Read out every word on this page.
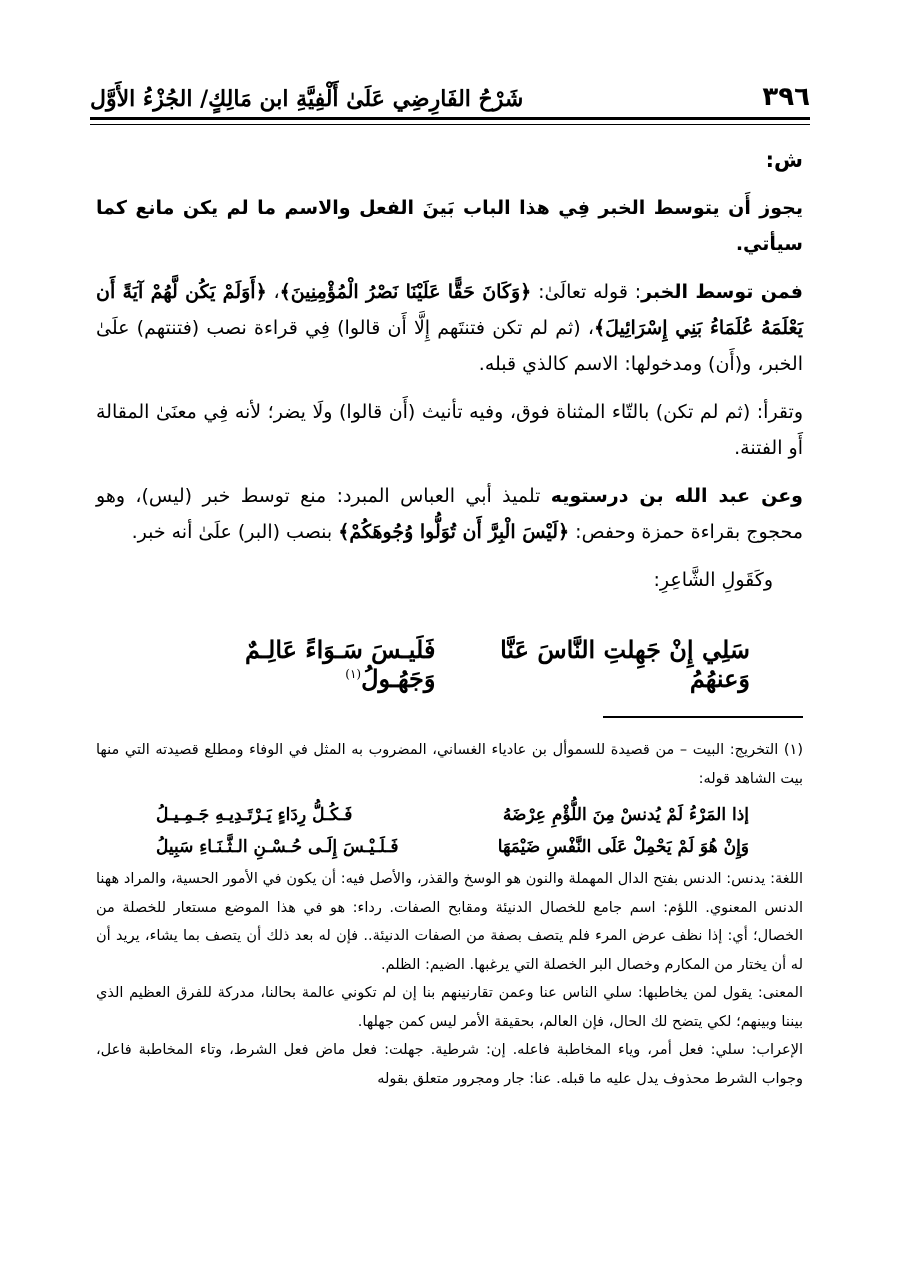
٣٩٦
شَرْحُ الفَارِضِي عَلَىٰ أَلْفِيَّةِ ابن مَالِكٍ/ الجُزْءُ الأَوَّل

ش:

يجوز أَن يتوسط الخبر فِي هذا الباب بَينَ الفعل والاسم ما لم يكن مانع كما سيأتي.

فمن توسط الخبر: قوله تعالَىٰ: ﴿وَكَانَ حَقًّا عَلَيْنَا نَصْرُ الْمُؤْمِنِينَ﴾، ﴿أَوَلَمْ يَكُن لَّهُمْ آيَةً أَن يَعْلَمَهُ عُلَمَاءُ بَنِي إِسْرَائِيلَ﴾، (ثم لم تكن فتنتَهم إِلَّا أَن قالوا) فِي قراءة نصب (فتنتهم) علَىٰ الخبر، و(أَن) ومدخولها: الاسم كالذي قبله.

وتقرأ: (ثم لم تكن) بالتّاء المثناة فوق، وفيه تأنيث (أَن قالوا) ولَا يضر؛ لأنه فِي معنَىٰ المقالة أَو الفتنة.

وعن عبد الله بن درستويه تلميذ أبي العباس المبرد: منع توسط خبر (ليس)، وهو محجوج بقراءة حمزة وحفص: ﴿لَيْسَ الْبِرَّ أَن تُوَلُّوا وُجُوهَكُمْ﴾ بنصب (البر) علَىٰ أنه خبر.

وكَقَولِ الشَّاعِرِ:

سَلِي إِنْ جَهِلتِ النَّاسَ عَنَّا وَعنهُمُ
فَلَيـسَ سَـوَاءً عَالِـمٌ وَجَهُـولُ$^{(١)}$

(١) التخريج: البيت – من قصيدة للسموأل بن عادياء الغساني، المضروب به المثل في الوفاء ومطلع قصيدته التي منها بيت الشاهد قوله:

إذا المَرْءُ لَمْ يُدنسْ مِنَ اللُّؤْمِ عِرْضَهُ
فَـكُـلُّ رِدَاءٍ يَـرْتَـدِيـهِ جَـمِـيـلُ
وَإِنْ هُوَ لَمْ يَحْمِلْ عَلَى النَّفْسِ ضَيْمَهَا
فَـلَـيْـسَ إِلَـى حُـسْـنِ الـثَّـنَـاءِ سَبِيلُ

اللغة: يدنس: الدنس بفتح الدال المهملة والنون هو الوسخ والقذر، والأصل فيه: أن يكون في الأمور الحسية، والمراد ههنا الدنس المعنوي. اللؤم: اسم جامع للخصال الدنيئة ومقابح الصفات. رداء: هو في هذا الموضع مستعار للخصلة من الخصال؛ أي: إذا نظف عرض المرء فلم يتصف بصفة من الصفات الدنيئة.. فإن له بعد ذلك أن يتصف بما يشاء، يريد أن له أن يختار من المكارم وخصال البر الخصلة التي يرغبها. الضيم: الظلم.

المعنى: يقول لمن يخاطبها: سلي الناس عنا وعمن تقارنينهم بنا إن لم تكوني عالمة بحالنا، مدركة للفرق العظيم الذي بيننا وبينهم؛ لكي يتضح لك الحال، فإن العالم، بحقيقة الأمر ليس كمن جهلها.

الإعراب: سلي: فعل أمر، وياء المخاطبة فاعله. إن: شرطية. جهلت: فعل ماض فعل الشرط، وتاء المخاطبة فاعل، وجواب الشرط محذوف يدل عليه ما قبله. عنا: جار ومجرور متعلق بقوله
